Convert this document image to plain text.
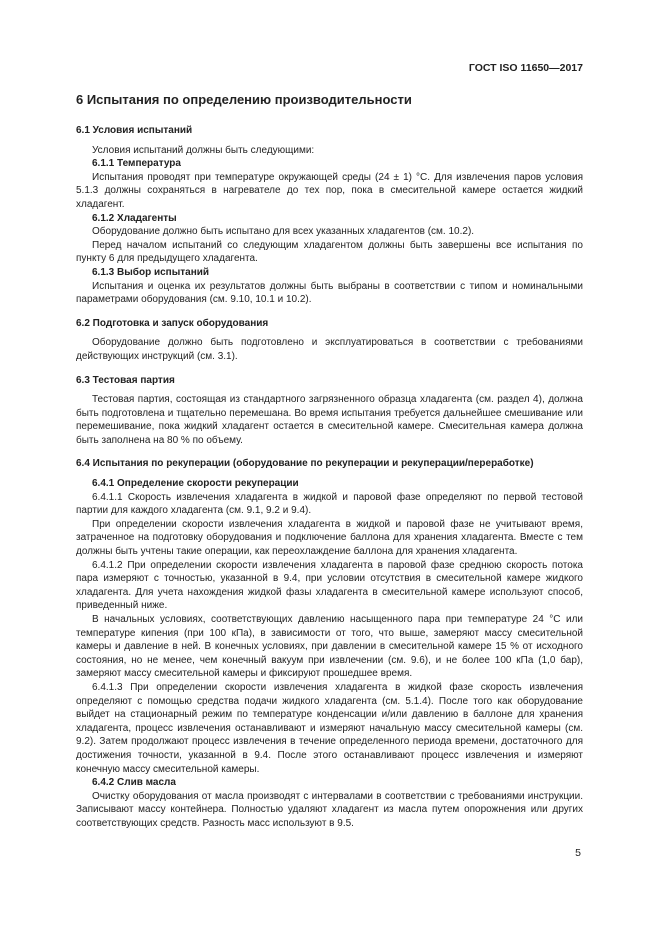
ГОСТ ISO 11650—2017
6 Испытания по определению производительности
6.1 Условия испытаний

Условия испытаний должны быть следующими:

6.1.1 Температура

Испытания проводят при температуре окружающей среды (24 ± 1) °С. Для извлечения паров условия 5.1.3 должны сохраняться в нагревателе до тех пор, пока в смесительной камере остается жидкий хладагент.

6.1.2 Хладагенты

Оборудование должно быть испытано для всех указанных хладагентов (см. 10.2).

Перед началом испытаний со следующим хладагентом должны быть завершены все испытания по пункту 6 для предыдущего хладагента.

6.1.3 Выбор испытаний

Испытания и оценка их результатов должны быть выбраны в соответствии с типом и номинальными параметрами оборудования (см. 9.10, 10.1 и 10.2).

6.2 Подготовка и запуск оборудования

Оборудование должно быть подготовлено и эксплуатироваться в соответствии с требованиями действующих инструкций (см. 3.1).

6.3 Тестовая партия

Тестовая партия, состоящая из стандартного загрязненного образца хладагента (см. раздел 4), должна быть подготовлена и тщательно перемешана. Во время испытания требуется дальнейшее смешивание или перемешивание, пока жидкий хладагент остается в смесительной камере. Смесительная камера должна быть заполнена на 80 % по объему.

6.4 Испытания по рекуперации (оборудование по рекуперации и рекуперации/переработке)
6.4.1 Определение скорости рекуперации

6.4.1.1 Скорость извлечения хладагента в жидкой и паровой фазе определяют по первой тестовой партии для каждого хладагента (см. 9.1, 9.2 и 9.4).

При определении скорости извлечения хладагента в жидкой и паровой фазе не учитывают время, затраченное на подготовку оборудования и подключение баллона для хранения хладагента. Вместе с тем должны быть учтены такие операции, как переохлаждение баллона для хранения хладагента.

6.4.1.2 При определении скорости извлечения хладагента в паровой фазе среднюю скорость потока пара измеряют с точностью, указанной в 9.4, при условии отсутствия в смесительной камере жидкого хладагента. Для учета нахождения жидкой фазы хладагента в смесительной камере используют способ, приведенный ниже.

В начальных условиях, соответствующих давлению насыщенного пара при температуре 24 °С или температуре кипения (при 100 кПа), в зависимости от того, что выше, замеряют массу смесительной камеры и давление в ней. В конечных условиях, при давлении в смесительной камере 15 % от исходного состояния, но не менее, чем конечный вакуум при извлечении (см. 9.6), и не более 100 кПа (1,0 бар), замеряют массу смесительной камеры и фиксируют прошедшее время.

6.4.1.3 При определении скорости извлечения хладагента в жидкой фазе скорость извлечения определяют с помощью средства подачи жидкого хладагента (см. 5.1.4). После того как оборудование выйдет на стационарный режим по температуре конденсации и/или давлению в баллоне для хранения хладагента, процесс извлечения останавливают и измеряют начальную массу смесительной камеры (см. 9.2). Затем продолжают процесс извлечения в течение определенного периода времени, достаточного для достижения точности, указанной в 9.4. После этого останавливают процесс извлечения и измеряют конечную массу смесительной камеры.

6.4.2 Слив масла

Очистку оборудования от масла производят с интервалами в соответствии с требованиями инструкции. Записывают массу контейнера. Полностью удаляют хладагент из масла путем опорожнения или других соответствующих средств. Разность масс используют в 9.5.

5
